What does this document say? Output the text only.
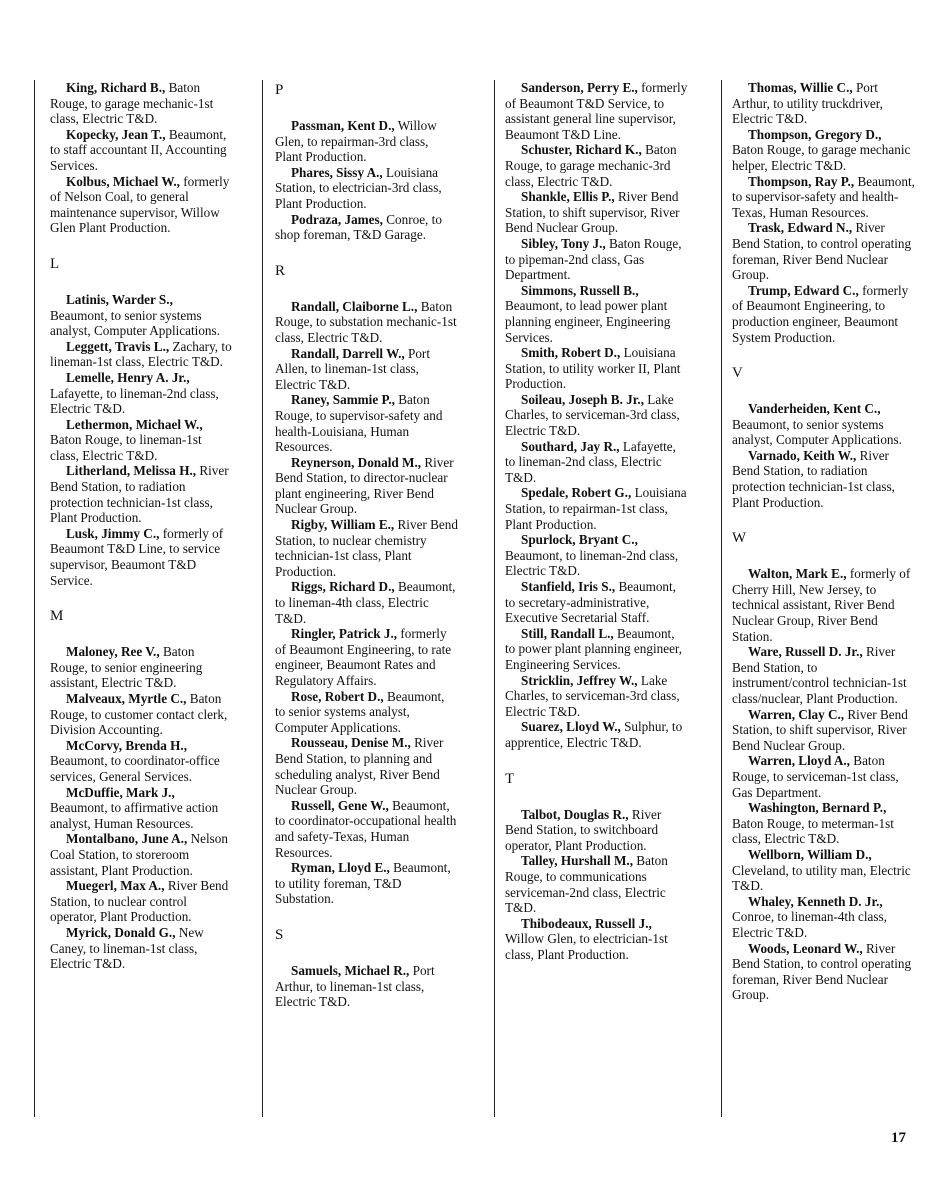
King, Richard B., Baton Rouge, to garage mechanic-1st class, Electric T&D.

Kopecky, Jean T., Beaumont, to staff accountant II, Accounting Services.

Kolbus, Michael W., formerly of Nelson Coal, to general maintenance supervisor, Willow Glen Plant Production.

L

Latinis, Warder S., Beaumont, to senior systems analyst, Computer Applications.

Leggett, Travis L., Zachary, to lineman-1st class, Electric T&D.

Lemelle, Henry A. Jr., Lafayette, to lineman-2nd class, Electric T&D.

Lethermon, Michael W., Baton Rouge, to lineman-1st class, Electric T&D.

Litherland, Melissa H., River Bend Station, to radiation protection technician-1st class, Plant Production.

Lusk, Jimmy C., formerly of Beaumont T&D Line, to service supervisor, Beaumont T&D Service.

M

Maloney, Ree V., Baton Rouge, to senior engineering assistant, Electric T&D.

Malveaux, Myrtle C., Baton Rouge, to customer contact clerk, Division Accounting.

McCorvy, Brenda H., Beaumont, to coordinator-office services, General Services.

McDuffie, Mark J., Beaumont, to affirmative action analyst, Human Resources.

Montalbano, June A., Nelson Coal Station, to storeroom assistant, Plant Production.

Muegerl, Max A., River Bend Station, to nuclear control operator, Plant Production.

Myrick, Donald G., New Caney, to lineman-1st class, Electric T&D.

P

Passman, Kent D., Willow Glen, to repairman-3rd class, Plant Production.

Phares, Sissy A., Louisiana Station, to electrician-3rd class, Plant Production.

Podraza, James, Conroe, to shop foreman, T&D Garage.

R

Randall, Claiborne L., Baton Rouge, to substation mechanic-1st class, Electric T&D.

Randall, Darrell W., Port Allen, to lineman-1st class, Electric T&D.

Raney, Sammie P., Baton Rouge, to supervisor-safety and health-Louisiana, Human Resources.

Reynerson, Donald M., River Bend Station, to director-nuclear plant engineering, River Bend Nuclear Group.

Rigby, William E., River Bend Station, to nuclear chemistry technician-1st class, Plant Production.

Riggs, Richard D., Beaumont, to lineman-4th class, Electric T&D.

Ringler, Patrick J., formerly of Beaumont Engineering, to rate engineer, Beaumont Rates and Regulatory Affairs.

Rose, Robert D., Beaumont, to senior systems analyst, Computer Applications.

Rousseau, Denise M., River Bend Station, to planning and scheduling analyst, River Bend Nuclear Group.

Russell, Gene W., Beaumont, to coordinator-occupational health and safety-Texas, Human Resources.

Ryman, Lloyd E., Beaumont, to utility foreman, T&D Substation.

S

Samuels, Michael R., Port Arthur, to lineman-1st class, Electric T&D.

Sanderson, Perry E., formerly of Beaumont T&D Service, to assistant general line supervisor, Beaumont T&D Line.

Schuster, Richard K., Baton Rouge, to garage mechanic-3rd class, Electric T&D.

Shankle, Ellis P., River Bend Station, to shift supervisor, River Bend Nuclear Group.

Sibley, Tony J., Baton Rouge, to pipeman-2nd class, Gas Department.

Simmons, Russell B., Beaumont, to lead power plant planning engineer, Engineering Services.

Smith, Robert D., Louisiana Station, to utility worker II, Plant Production.

Soileau, Joseph B. Jr., Lake Charles, to serviceman-3rd class, Electric T&D.

Southard, Jay R., Lafayette, to lineman-2nd class, Electric T&D.

Spedale, Robert G., Louisiana Station, to repairman-1st class, Plant Production.

Spurlock, Bryant C., Beaumont, to lineman-2nd class, Electric T&D.

Stanfield, Iris S., Beaumont, to secretary-administrative, Executive Secretarial Staff.

Still, Randall L., Beaumont, to power plant planning engineer, Engineering Services.

Stricklin, Jeffrey W., Lake Charles, to serviceman-3rd class, Electric T&D.

Suarez, Lloyd W., Sulphur, to apprentice, Electric T&D.

T

Talbot, Douglas R., River Bend Station, to switchboard operator, Plant Production.

Talley, Hurshall M., Baton Rouge, to communications serviceman-2nd class, Electric T&D.

Thibodeaux, Russell J., Willow Glen, to electrician-1st class, Plant Production.

Thomas, Willie C., Port Arthur, to utility truckdriver, Electric T&D.

Thompson, Gregory D., Baton Rouge, to garage mechanic helper, Electric T&D.

Thompson, Ray P., Beaumont, to supervisor-safety and health-Texas, Human Resources.

Trask, Edward N., River Bend Station, to control operating foreman, River Bend Nuclear Group.

Trump, Edward C., formerly of Beaumont Engineering, to production engineer, Beaumont System Production.

V

Vanderheiden, Kent C., Beaumont, to senior systems analyst, Computer Applications.

Varnado, Keith W., River Bend Station, to radiation protection technician-1st class, Plant Production.

W

Walton, Mark E., formerly of Cherry Hill, New Jersey, to technical assistant, River Bend Nuclear Group, River Bend Station.

Ware, Russell D. Jr., River Bend Station, to instrument/control technician-1st class/nuclear, Plant Production.

Warren, Clay C., River Bend Station, to shift supervisor, River Bend Nuclear Group.

Warren, Lloyd A., Baton Rouge, to serviceman-1st class, Gas Department.

Washington, Bernard P., Baton Rouge, to meterman-1st class, Electric T&D.

Wellborn, William D., Cleveland, to utility man, Electric T&D.

Whaley, Kenneth D. Jr., Conroe, to lineman-4th class, Electric T&D.

Woods, Leonard W., River Bend Station, to control operating foreman, River Bend Nuclear Group.

17
